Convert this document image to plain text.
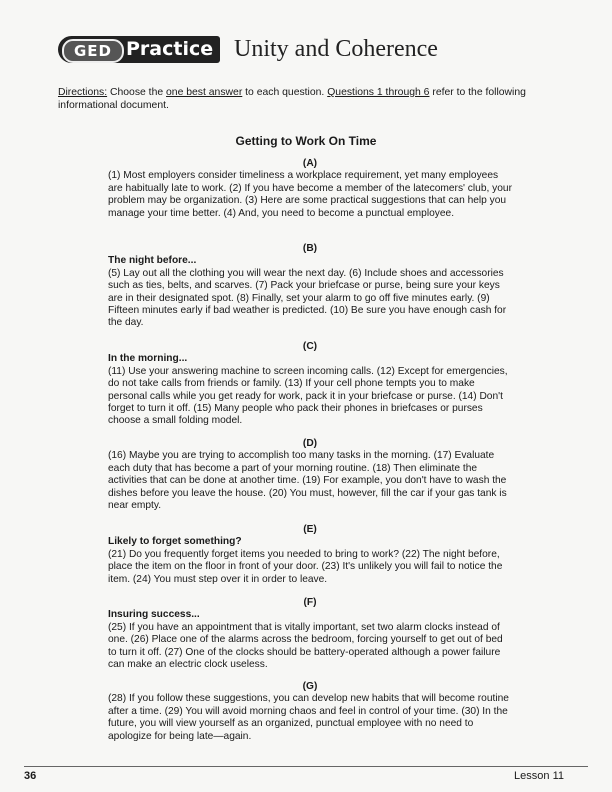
GED Practice Unity and Coherence
Directions: Choose the one best answer to each question. Questions 1 through 6 refer to the following informational document.
Getting to Work On Time
(A)

(1) Most employers consider timeliness a workplace requirement, yet many employees are habitually late to work. (2) If you have become a member of the latecomers' club, your problem may be organization. (3) Here are some practical suggestions that can help you manage your time better. (4) And, you need to become a punctual employee.

(B)
The night before...

(5) Lay out all the clothing you will wear the next day. (6) Include shoes and accessories such as ties, belts, and scarves. (7) Pack your briefcase or purse, being sure your keys are in their designated spot. (8) Finally, set your alarm to go off five minutes early. (9) Fifteen minutes early if bad weather is predicted. (10) Be sure you have enough cash for the day.

(C)
In the morning...

(11) Use your answering machine to screen incoming calls. (12) Except for emergencies, do not take calls from friends or family. (13) If your cell phone tempts you to make personal calls while you get ready for work, pack it in your briefcase or purse. (14) Don't forget to turn it off. (15) Many people who pack their phones in briefcases or purses choose a small folding model.

(D)

(16) Maybe you are trying to accomplish too many tasks in the morning. (17) Evaluate each duty that has become a part of your morning routine. (18) Then eliminate the activities that can be done at another time. (19) For example, you don't have to wash the dishes before you leave the house. (20) You must, however, fill the car if your gas tank is near empty.

(E)
Likely to forget something?

(21) Do you frequently forget items you needed to bring to work? (22) The night before, place the item on the floor in front of your door. (23) It's unlikely you will fail to notice the item. (24) You must step over it in order to leave.

(F)
Insuring success...

(25) If you have an appointment that is vitally important, set two alarm clocks instead of one. (26) Place one of the alarms across the bedroom, forcing yourself to get out of bed to turn it off. (27) One of the clocks should be battery-operated although a power failure can make an electric clock useless.

(G)

(28) If you follow these suggestions, you can develop new habits that will become routine after a time. (29) You will avoid morning chaos and feel in control of your time. (30) In the future, you will view yourself as an organized, punctual employee with no need to apologize for being late—again.

36	Lesson 11
